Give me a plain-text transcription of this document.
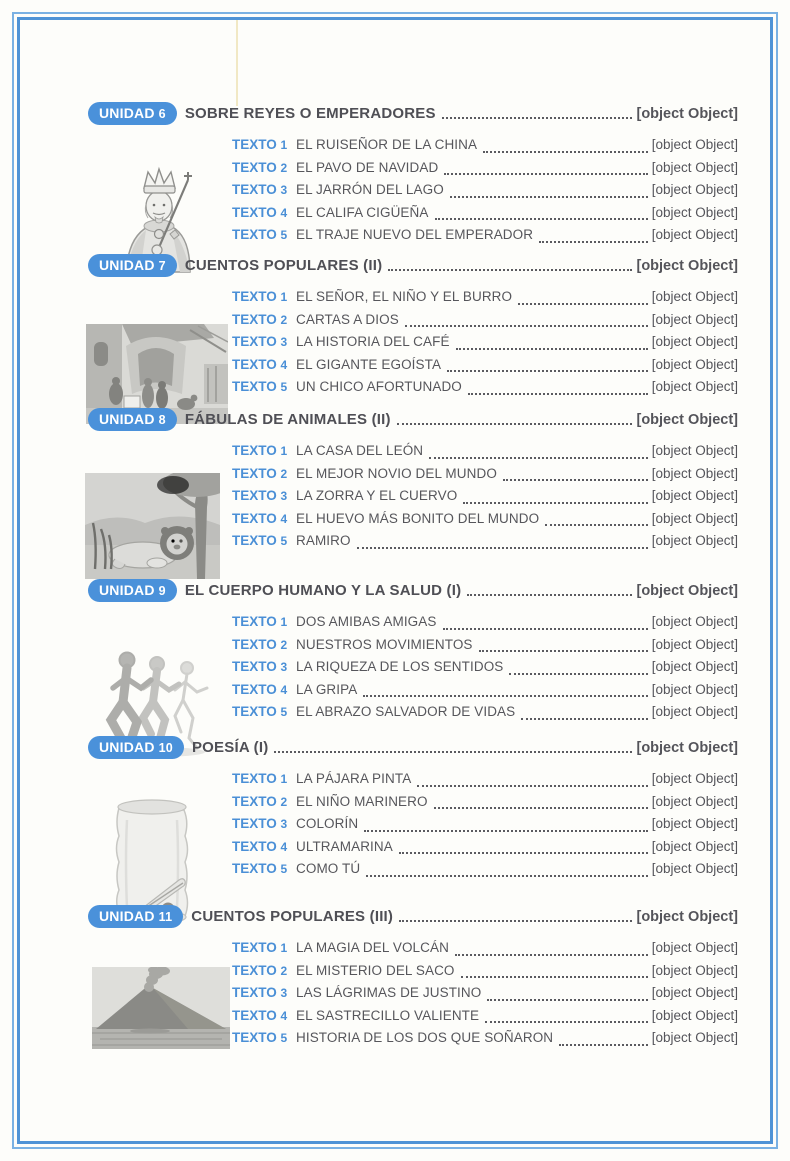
UNIDAD 6 SOBRE REYES O EMPERADORES	[object Object]
TEXTO 1 EL RUISEÑOR DE LA CHINA	[object Object]
TEXTO 2 EL PAVO DE NAVIDAD	[object Object]
TEXTO 3 EL JARRÓN DEL LAGO	[object Object]
TEXTO 4 EL CALIFA CIGÜEÑA	[object Object]
TEXTO 5 EL TRAJE NUEVO DEL EMPERADOR	[object Object]
UNIDAD 7 CUENTOS POPULARES (II)	[object Object]
TEXTO 1 EL SEÑOR, EL NIÑO Y EL BURRO	[object Object]
TEXTO 2 CARTAS A DIOS	[object Object]
TEXTO 3 LA HISTORIA DEL CAFÉ	[object Object]
TEXTO 4 EL GIGANTE EGOÍSTA	[object Object]
TEXTO 5 UN CHICO AFORTUNADO	[object Object]
UNIDAD 8 FÁBULAS DE ANIMALES (II)	[object Object]
TEXTO 1 LA CASA DEL LEÓN	[object Object]
TEXTO 2 EL MEJOR NOVIO DEL MUNDO	[object Object]
TEXTO 3 LA ZORRA Y EL CUERVO	[object Object]
TEXTO 4 EL HUEVO MÁS BONITO DEL MUNDO	[object Object]
TEXTO 5 RAMIRO	[object Object]
UNIDAD 9 EL CUERPO HUMANO Y LA SALUD (I)	[object Object]
TEXTO 1 DOS AMIBAS AMIGAS	[object Object]
TEXTO 2 NUESTROS MOVIMIENTOS	[object Object]
TEXTO 3 LA RIQUEZA DE LOS SENTIDOS	[object Object]
TEXTO 4 LA GRIPA	[object Object]
TEXTO 5 EL ABRAZO SALVADOR DE VIDAS	[object Object]
UNIDAD 10 POESÍA (I)	[object Object]
TEXTO 1 LA PÁJARA PINTA	[object Object]
TEXTO 2 EL NIÑO MARINERO	[object Object]
TEXTO 3 COLORÍN	[object Object]
TEXTO 4 ULTRAMARINA	[object Object]
TEXTO 5 COMO TÚ	[object Object]
UNIDAD 11 CUENTOS POPULARES (III)	[object Object]
TEXTO 1 LA MAGIA DEL VOLCÁN	[object Object]
TEXTO 2 EL MISTERIO DEL SACO	[object Object]
TEXTO 3 LAS LÁGRIMAS DE JUSTINO	[object Object]
TEXTO 4 EL SASTRECILLO VALIENTE	[object Object]
TEXTO 5 HISTORIA DE LOS DOS QUE SOÑARON	[object Object]
